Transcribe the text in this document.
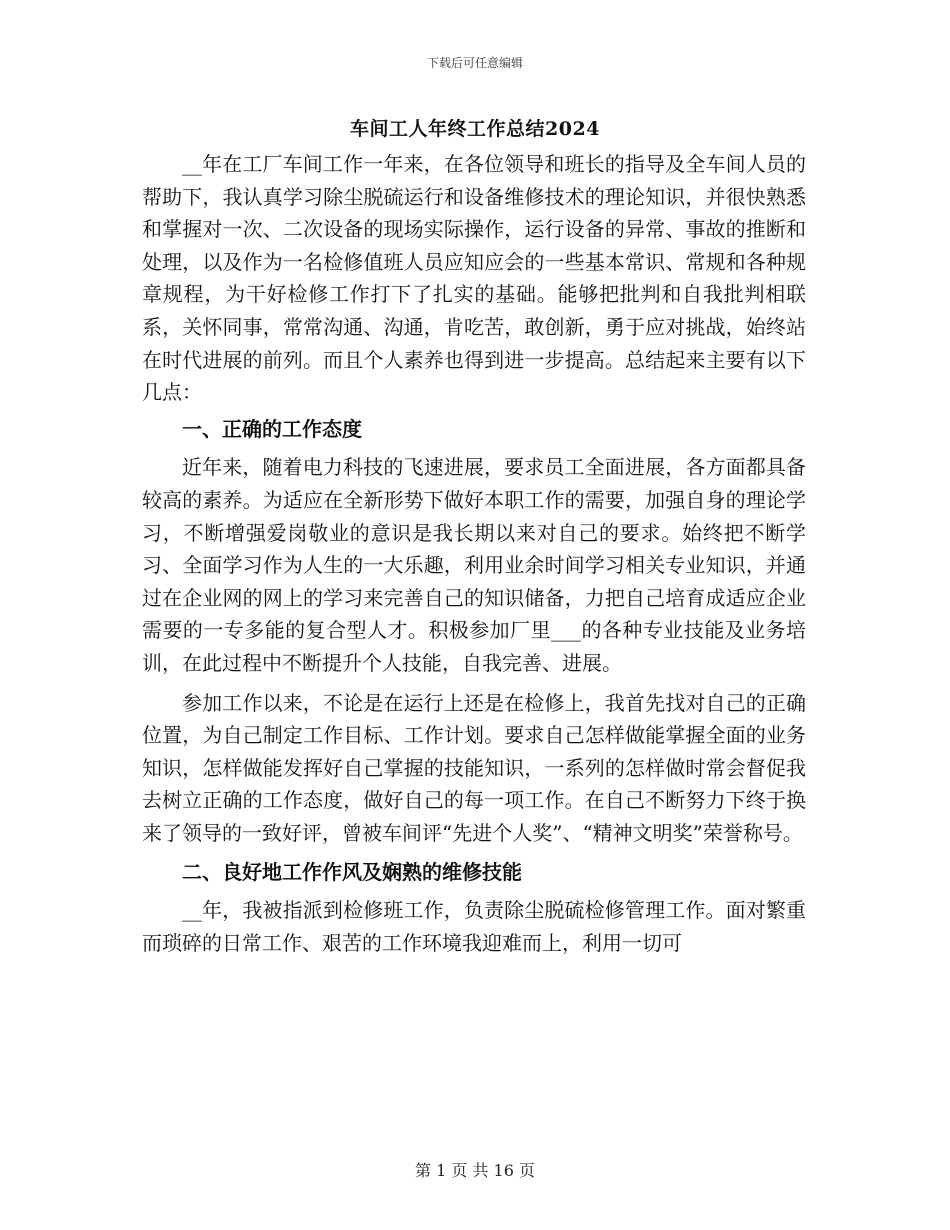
下载后可任意编辑
车间工人年终工作总结2024

__年在工厂车间工作一年来，在各位领导和班长的指导及全车间人员的帮助下，我认真学习除尘脱硫运行和设备维修技术的理论知识，并很快熟悉和掌握对一次、二次设备的现场实际操作，运行设备的异常、事故的推断和处理，以及作为一名检修值班人员应知应会的一些基本常识、常规和各种规章规程，为干好检修工作打下了扎实的基础。能够把批判和自我批判相联系，关怀同事，常常沟通、沟通，肯吃苦，敢创新，勇于应对挑战，始终站在时代进展的前列。而且个人素养也得到进一步提高。总结起来主要有以下几点：

一、正确的工作态度

近年来，随着电力科技的飞速进展，要求员工全面进展，各方面都具备较高的素养。为适应在全新形势下做好本职工作的需要，加强自身的理论学习，不断增强爱岗敬业的意识是我长期以来对自己的要求。始终把不断学习、全面学习作为人生的一大乐趣，利用业余时间学习相关专业知识，并通过在企业网的网上的学习来完善自己的知识储备，力把自己培育成适应企业需要的一专多能的复合型人才。积极参加厂里___的各种专业技能及业务培训，在此过程中不断提升个人技能，自我完善、进展。

参加工作以来，不论是在运行上还是在检修上，我首先找对自己的正确位置，为自己制定工作目标、工作计划。要求自己怎样做能掌握全面的业务知识，怎样做能发挥好自己掌握的技能知识，一系列的怎样做时常会督促我去树立正确的工作态度，做好自己的每一项工作。在自己不断努力下终于换来了领导的一致好评，曾被车间评“先进个人奖”、“精神文明奖”荣誉称号。

二、良好地工作作风及娴熟的维修技能

__年，我被指派到检修班工作，负责除尘脱硫检修管理工作。面对繁重而琐碎的日常工作、艰苦的工作环境我迎难而上，利用一切可

第 1 页 共 16 页
